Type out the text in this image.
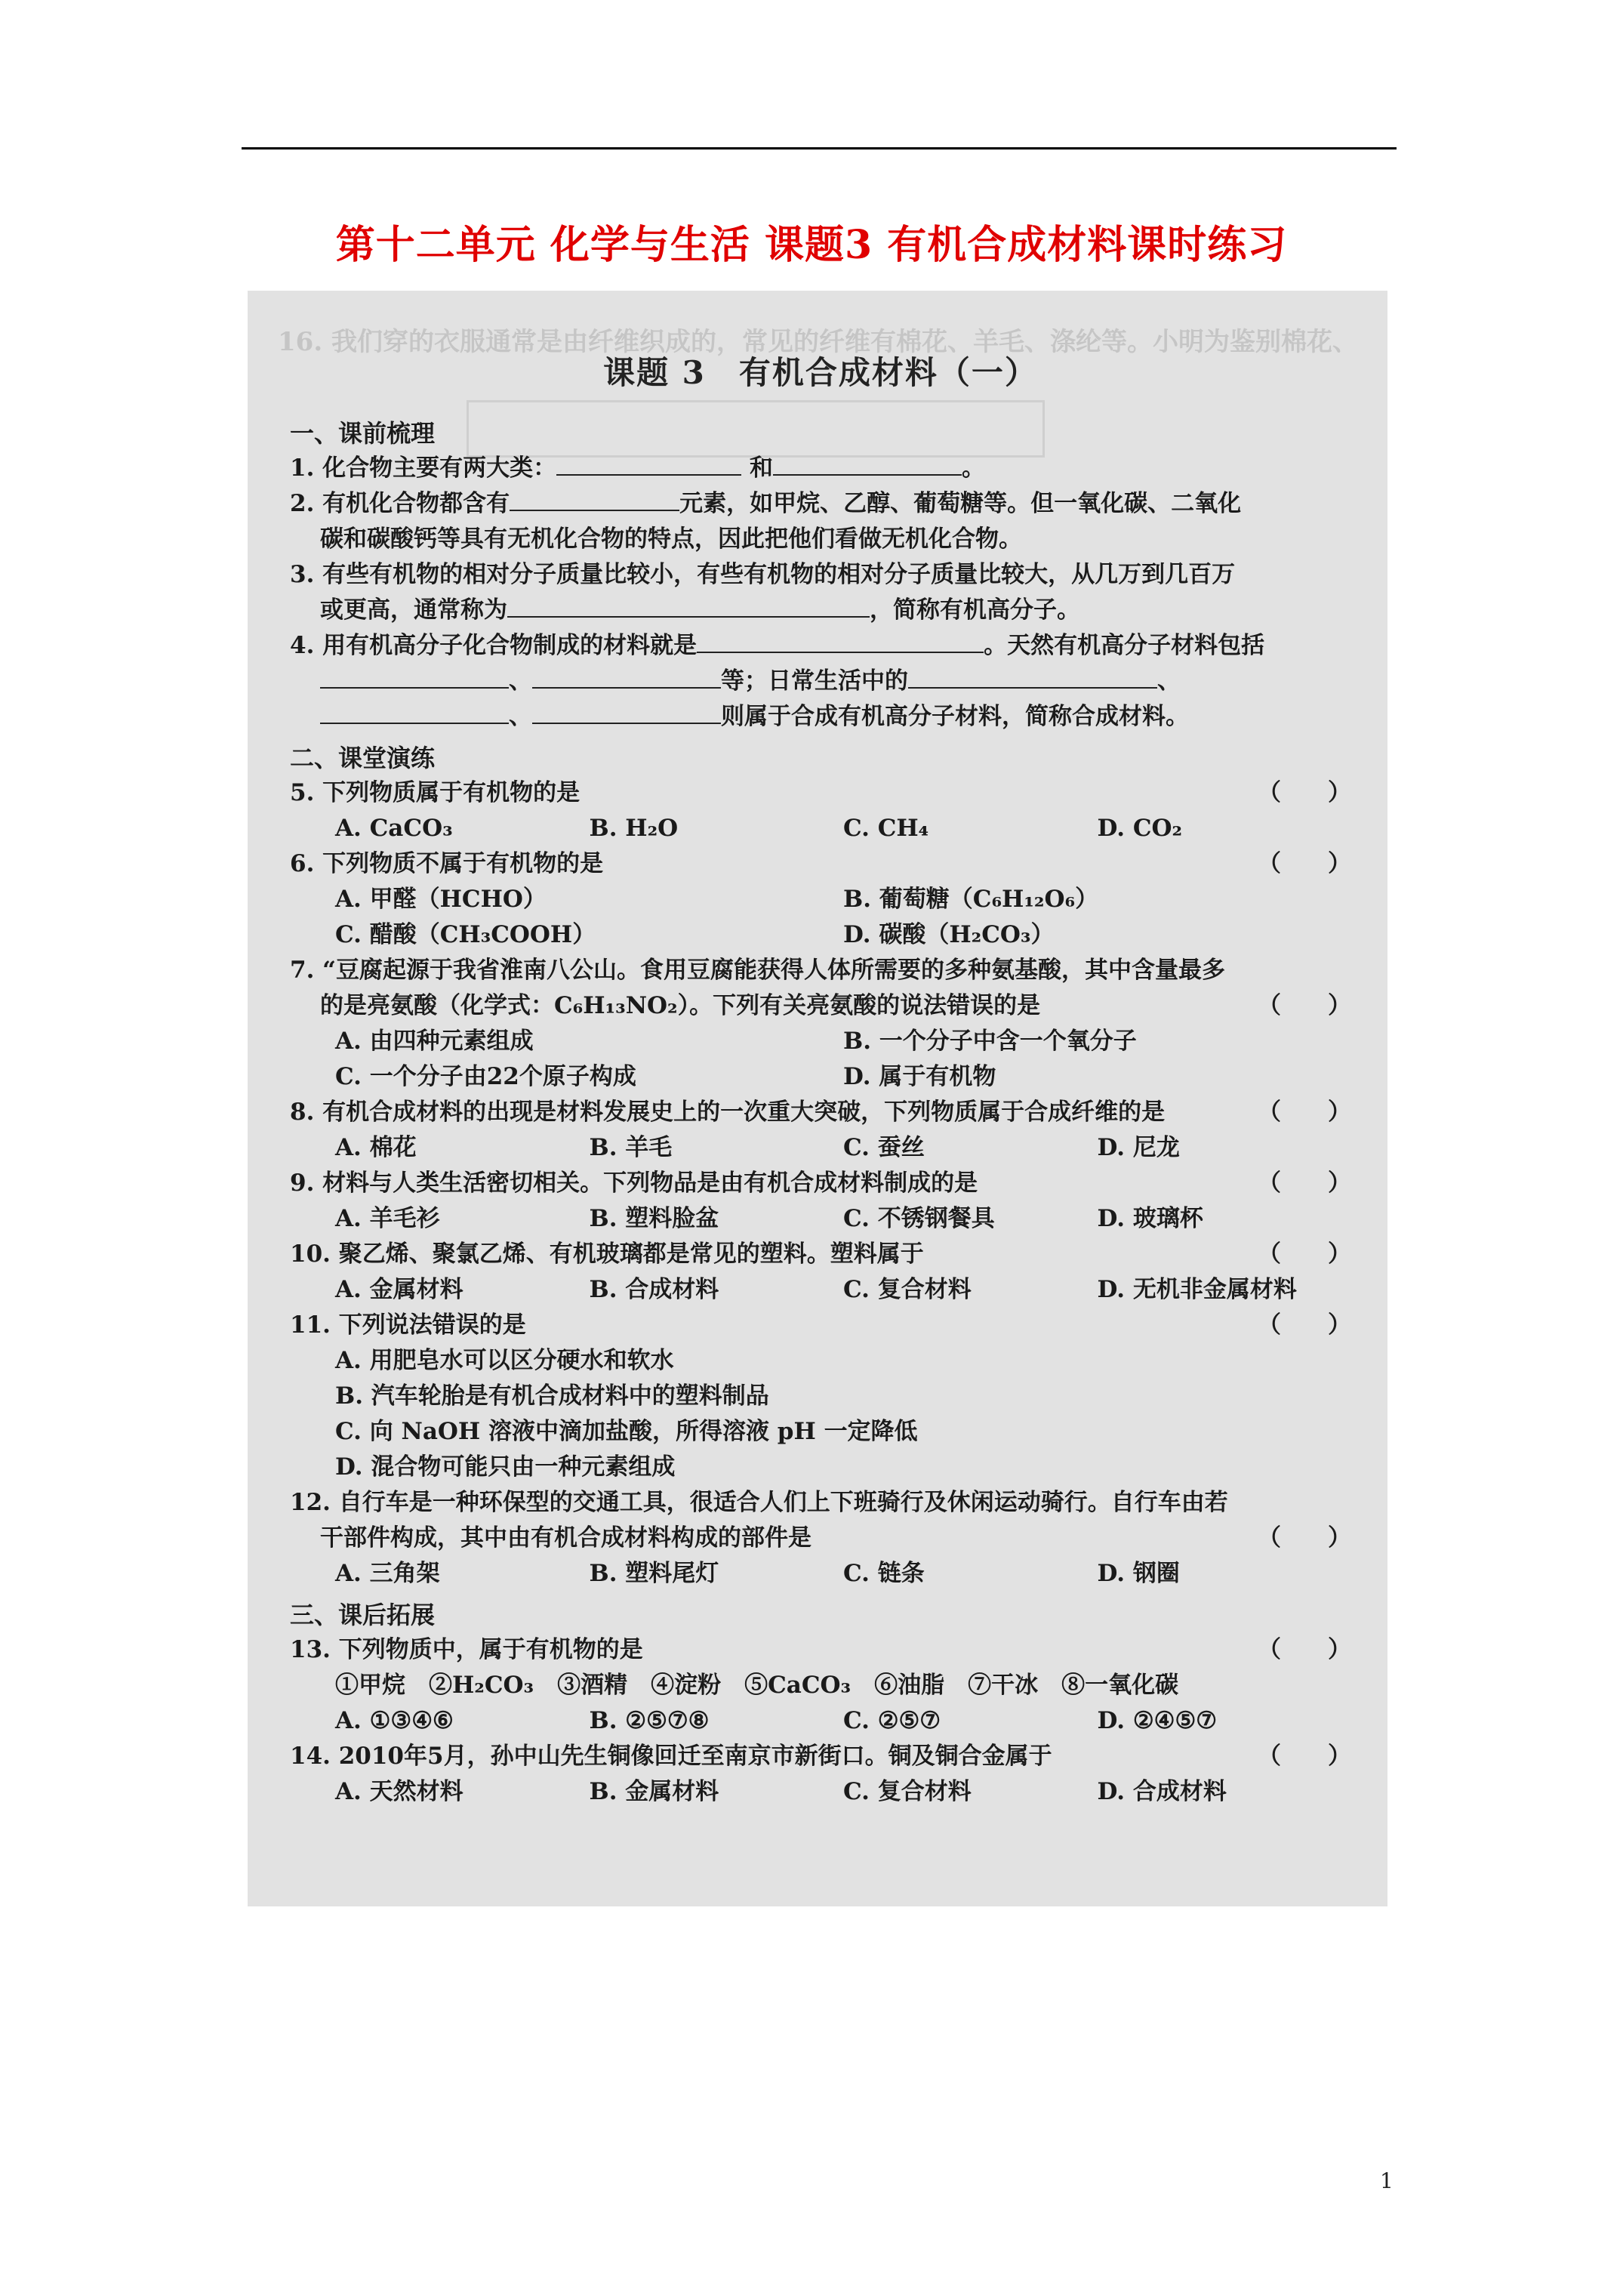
第十二单元 化学与生活 课题3 有机合成材料课时练习
16. 我们穿的衣服通常是由纤维织成的，常见的纤维有棉花、羊毛、涤纶等。小明为鉴别棉花、
课题 3　有机合成材料（一）
一、课前梳理
1. 化合物主要有两大类：	和	。
2. 有机化合物都含有	元素，如甲烷、乙醇、葡萄糖等。但一氧化碳、二氧化
碳和碳酸钙等具有无机化合物的特点，因此把他们看做无机化合物。
3. 有些有机物的相对分子质量比较小，有些有机物的相对分子质量比较大，从几万到几百万
或更高，通常称为	，简称有机高分子。
4. 用有机高分子化合物制成的材料就是	。天然有机高分子材料包括
、	等；日常生活中的	、
、	则属于合成有机高分子材料，简称合成材料。
二、课堂演练
5. 下列物质属于有机物的是	（　　）
A. CaCO₃	B. H₂O	C. CH₄	D. CO₂
6. 下列物质不属于有机物的是	（　　）
A. 甲醛（HCHO）	B. 葡萄糖（C₆H₁₂O₆）
C. 醋酸（CH₃COOH）	D. 碳酸（H₂CO₃）
7. “豆腐起源于我省淮南八公山。食用豆腐能获得人体所需要的多种氨基酸，其中含量最多
的是亮氨酸（化学式：C₆H₁₃NO₂）。下列有关亮氨酸的说法错误的是	（　　）
A. 由四种元素组成	B. 一个分子中含一个氧分子
C. 一个分子由22个原子构成	D. 属于有机物
8. 有机合成材料的出现是材料发展史上的一次重大突破，下列物质属于合成纤维的是	（　　）
A. 棉花	B. 羊毛	C. 蚕丝	D. 尼龙
9. 材料与人类生活密切相关。下列物品是由有机合成材料制成的是	（　　）
A. 羊毛衫	B. 塑料脸盆	C. 不锈钢餐具	D. 玻璃杯
10. 聚乙烯、聚氯乙烯、有机玻璃都是常见的塑料。塑料属于	（　　）
A. 金属材料	B. 合成材料	C. 复合材料	D. 无机非金属材料
11. 下列说法错误的是	（　　）
A. 用肥皂水可以区分硬水和软水
B. 汽车轮胎是有机合成材料中的塑料制品
C. 向 NaOH 溶液中滴加盐酸，所得溶液 pH 一定降低
D. 混合物可能只由一种元素组成
12. 自行车是一种环保型的交通工具，很适合人们上下班骑行及休闲运动骑行。自行车由若
干部件构成，其中由有机合成材料构成的部件是	（　　）
A. 三角架	B. 塑料尾灯	C. 链条	D. 钢圈
三、课后拓展
13. 下列物质中，属于有机物的是	（　　）
①甲烷　②H₂CO₃　③酒精　④淀粉　⑤CaCO₃　⑥油脂　⑦干冰　⑧一氧化碳
A. ①③④⑥	B. ②⑤⑦⑧	C. ②⑤⑦	D. ②④⑤⑦
14. 2010年5月，孙中山先生铜像回迁至南京市新街口。铜及铜合金属于	（　　）
A. 天然材料	B. 金属材料	C. 复合材料	D. 合成材料
1
